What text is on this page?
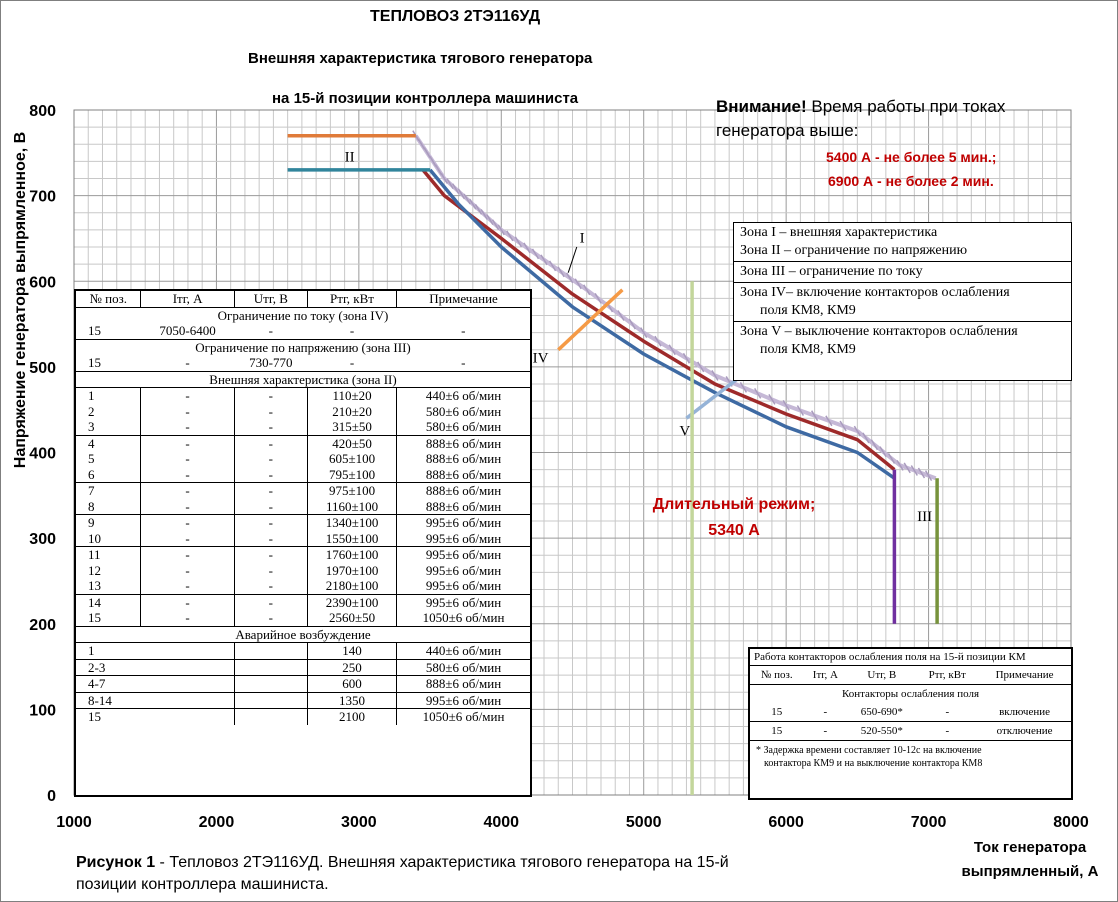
ТЕПЛОВОЗ 2ТЭ116УД
Внешняя характеристика тягового генератора
на 15-й позиции контроллера машиниста
1000	2000	3000	4000	5000	6000	7000	8000
0
100
200
300
400
500
600
700
800
Ток генератора выпрямленный, А
Напряжение генератора выпрямленное, В	I
II
III
IV
V
Внимание! Время работы при токах генератора выше:
5400 А - не более 5 мин.;
6900 А - не более 2 мин.
Зона I – внешняя характеристика
Зона II – ограничение по напряжению
Зона III – ограничение по току
Зона IV– включение контакторов ослабления
поля КМ8, КМ9
Зона V – выключение контакторов ослабления
поля КМ8, КМ9
Длительный режим;
5340 А
№ поз.	Iтг, А	Uтг, В	Ртг, кВт	Примечание
Ограничение по току (зона IV)				
15	7050-6400	-	-	-
Ограничение по напряжению (зона III)				
15	-	730-770	-	-
Внешняя характеристика (зона II)				
1	-	-	110±20	440±6 об/мин
2	-	-	210±20	580±6 об/мин
3	-	-	315±50	580±6 об/мин
4	-	-	420±50	888±6 об/мин
5	-	-	605±100	888±6 об/мин
6	-	-	795±100	888±6 об/мин
7	-	-	975±100	888±6 об/мин
8	-	-	1160±100	888±6 об/мин
9	-	-	1340±100	995±6 об/мин
10	-	-	1550±100	995±6 об/мин
11	-	-	1760±100	995±6 об/мин
12	-	-	1970±100	995±6 об/мин
13	-	-	2180±100	995±6 об/мин
14	-	-	2390±100	995±6 об/мин
15	-	-	2560±50	1050±6 об/мин
Аварийное возбуждение				
1			140	440±6 об/мин
2-3			250	580±6 об/мин
4-7			600	888±6 об/мин
8-14			1350	995±6 об/мин
15			2100	1050±6 об/мин
Работа контакторов ослабления поля на 15-й позиции КМ
№ поз.	Iтг, А	Uтг, В	Ртг, кВт	Примечание
Контакторы ослабления поля				
15	-	650-690*	-	включение
15	-	520-550*	-	отключение
* Задержка времени составляет 10-12с на включение
контактора КМ9 и на выключение контактора КМ8
Рисунок 1 - Тепловоз 2ТЭ116УД. Внешняя характеристика тягового генератора на 15-й
позиции контроллера машиниста.
